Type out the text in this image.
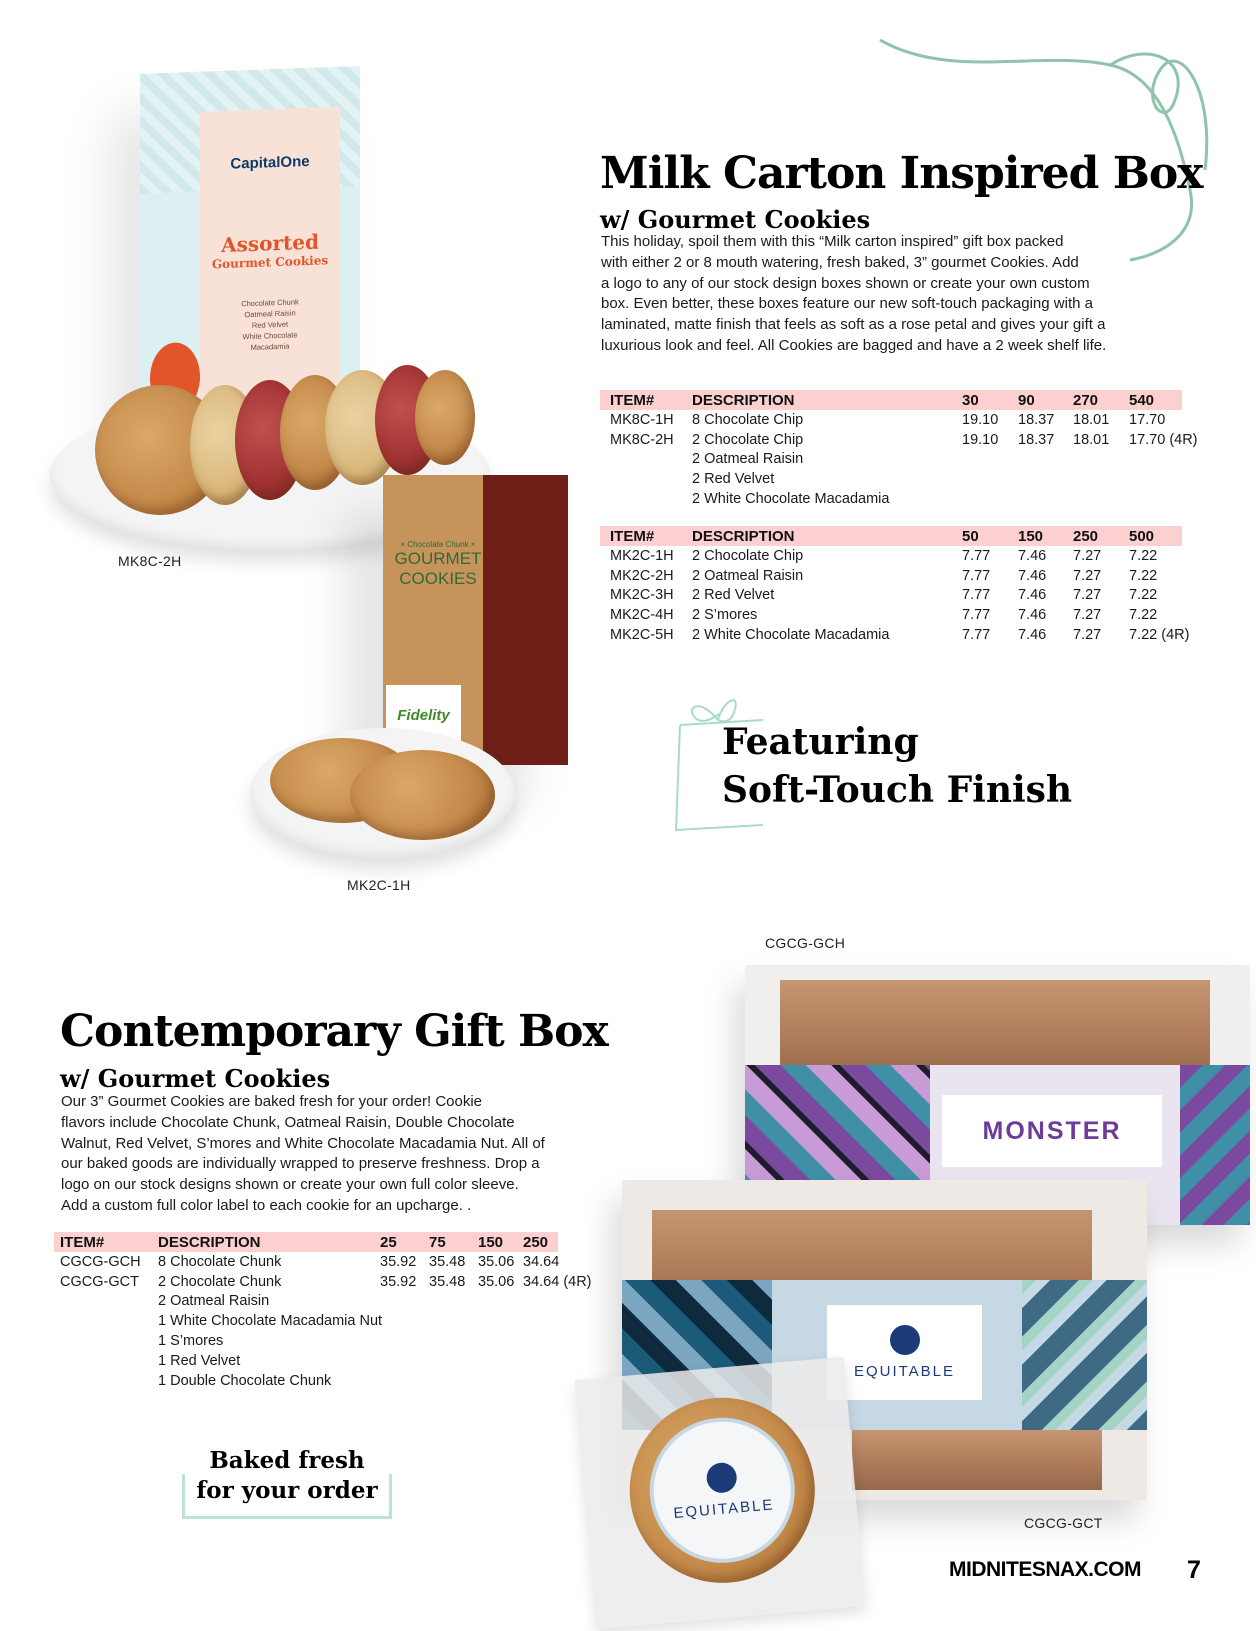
Milk Carton Inspired Box
w/ Gourmet Cookies
This holiday, spoil them with this “Milk carton inspired” gift box packed
with either 2 or 8 mouth watering, fresh baked, 3” gourmet Cookies. Add
a logo to any of our stock design boxes shown or create your own custom
box. Even better, these boxes feature our new soft-touch packaging with a
laminated, matte finish that feels as soft as a rose petal and gives your gift a
luxurious look and feel. All Cookies are bagged and have a 2 week shelf life.
ITEM#	DESCRIPTION	30	90	270	540
MK8C-1H	8 Chocolate Chip	19.10	18.37	18.01	17.70
MK8C-2H	2 Chocolate Chip	19.10	18.37	18.01	17.70 (4R)
2 Oatmeal Raisin
2 Red Velvet
2 White Chocolate Macadamia
ITEM#	DESCRIPTION	50	150	250	500
MK2C-1H	2 Chocolate Chip	7.77	7.46	7.27	7.22
MK2C-2H	2 Oatmeal Raisin	7.77	7.46	7.27	7.22
MK2C-3H	2 Red Velvet	7.77	7.46	7.27	7.22
MK2C-4H	2 S’mores	7.77	7.46	7.27	7.22
MK2C-5H	2 White Chocolate Macadamia	7.77	7.46	7.27	7.22 (4R)
Featuring
Soft-Touch Finish
CapitalOne
Assorted
Gourmet Cookies
Chocolate Chunk
Oatmeal Raisin
Red Velvet
White Chocolate
Macadamia
MK8C-2H
× Chocolate Chunk ×
GOURMET
COOKIES
Fidelity
MK2C-1H
Contemporary Gift Box
w/ Gourmet Cookies
Our 3” Gourmet Cookies are baked fresh for your order! Cookie
flavors include Chocolate Chunk, Oatmeal Raisin, Double Chocolate
Walnut, Red Velvet, S’mores and White Chocolate Macadamia Nut. All of
our baked goods are individually wrapped to preserve freshness. Drop a
logo on our stock designs shown or create your own full color sleeve.
Add a custom full color label to each cookie for an upcharge. .
ITEM#	DESCRIPTION	25	75	150	250
CGCG-GCH	8 Chocolate Chunk	35.92 35.48 35.06 34.64
CGCG-GCT	2 Chocolate Chunk	35.92 35.48 35.06 34.64 (4R)
2 Oatmeal Raisin
1 White Chocolate Macadamia Nut
1 S’mores
1 Red Velvet
1 Double Chocolate Chunk
Baked fresh
for your order
CGCG-GCH
MONSTER
EQUITABLE
EQUITABLE
CGCG-GCT
MIDNITESNAX.COM 7
